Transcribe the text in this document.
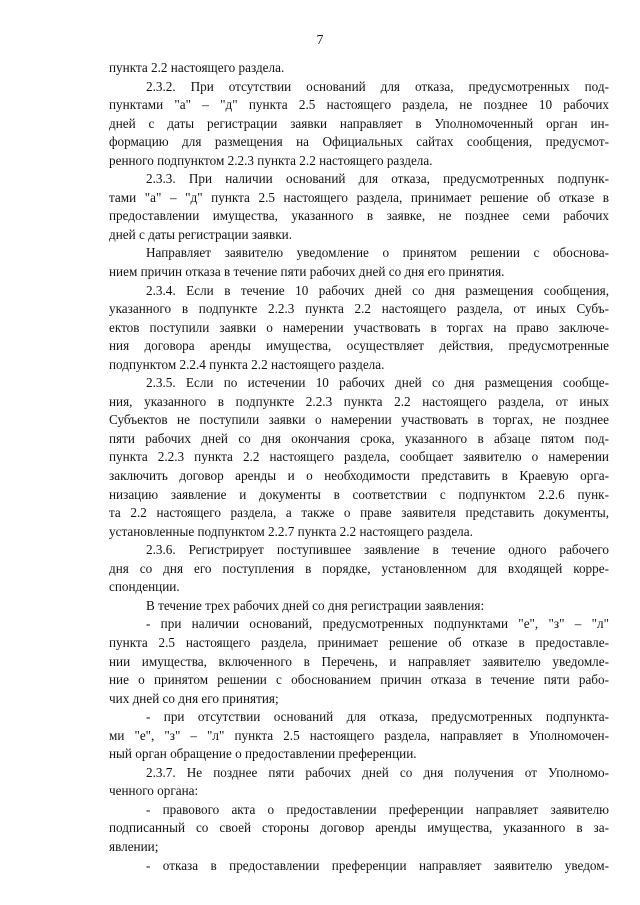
7
пункта 2.2 настоящего раздела.
2.3.2. При отсутствии оснований для отказа, предусмотренных под-
пунктами "а" – "д" пункта 2.5 настоящего раздела, не позднее 10 рабочих
дней с даты регистрации заявки направляет в Уполномоченный орган ин-
формацию для размещения на Официальных сайтах сообщения, предусмот-
ренного подпунктом 2.2.3 пункта 2.2 настоящего раздела.
2.3.3. При наличии оснований для отказа, предусмотренных подпунк-
тами "а" – "д" пункта 2.5 настоящего раздела, принимает решение об отказе в
предоставлении имущества, указанного в заявке, не позднее семи рабочих
дней с даты регистрации заявки.
Направляет заявителю уведомление о принятом решении с обоснова-
нием причин отказа в течение пяти рабочих дней со дня его принятия.
2.3.4. Если в течение 10 рабочих дней со дня размещения сообщения,
указанного в подпункте 2.2.3 пункта 2.2 настоящего раздела, от иных Субъ-
ектов поступили заявки о намерении участвовать в торгах на право заключе-
ния договора аренды имущества, осуществляет действия, предусмотренные
подпунктом 2.2.4 пункта 2.2 настоящего раздела.
2.3.5. Если по истечении 10 рабочих дней со дня размещения сообще-
ния, указанного в подпункте 2.2.3 пункта 2.2 настоящего раздела, от иных
Субъектов не поступили заявки о намерении участвовать в торгах, не позднее
пяти рабочих дней со дня окончания срока, указанного в абзаце пятом под-
пункта 2.2.3 пункта 2.2 настоящего раздела, сообщает заявителю о намерении
заключить договор аренды и о необходимости представить в Краевую орга-
низацию заявление и документы в соответствии с подпунктом 2.2.6 пунк-
та 2.2 настоящего раздела, а также о праве заявителя представить документы,
установленные подпунктом 2.2.7 пункта 2.2 настоящего раздела.
2.3.6. Регистрирует поступившее заявление в течение одного рабочего
дня со дня его поступления в порядке, установленном для входящей корре-
спонденции.
В течение трех рабочих дней со дня регистрации заявления:
- при наличии оснований, предусмотренных подпунктами "е", "з" – "л"
пункта 2.5 настоящего раздела, принимает решение об отказе в предоставле-
нии имущества, включенного в Перечень, и направляет заявителю уведомле-
ние о принятом решении с обоснованием причин отказа в течение пяти рабо-
чих дней со дня его принятия;
- при отсутствии оснований для отказа, предусмотренных подпункта-
ми "е", "з" – "л" пункта 2.5 настоящего раздела, направляет в Уполномочен-
ный орган обращение о предоставлении преференции.
2.3.7. Не позднее пяти рабочих дней со дня получения от Уполномо-
ченного органа:
- правового акта о предоставлении преференции направляет заявителю
подписанный со своей стороны договор аренды имущества, указанного в за-
явлении;
- отказа в предоставлении преференции направляет заявителю уведом-
